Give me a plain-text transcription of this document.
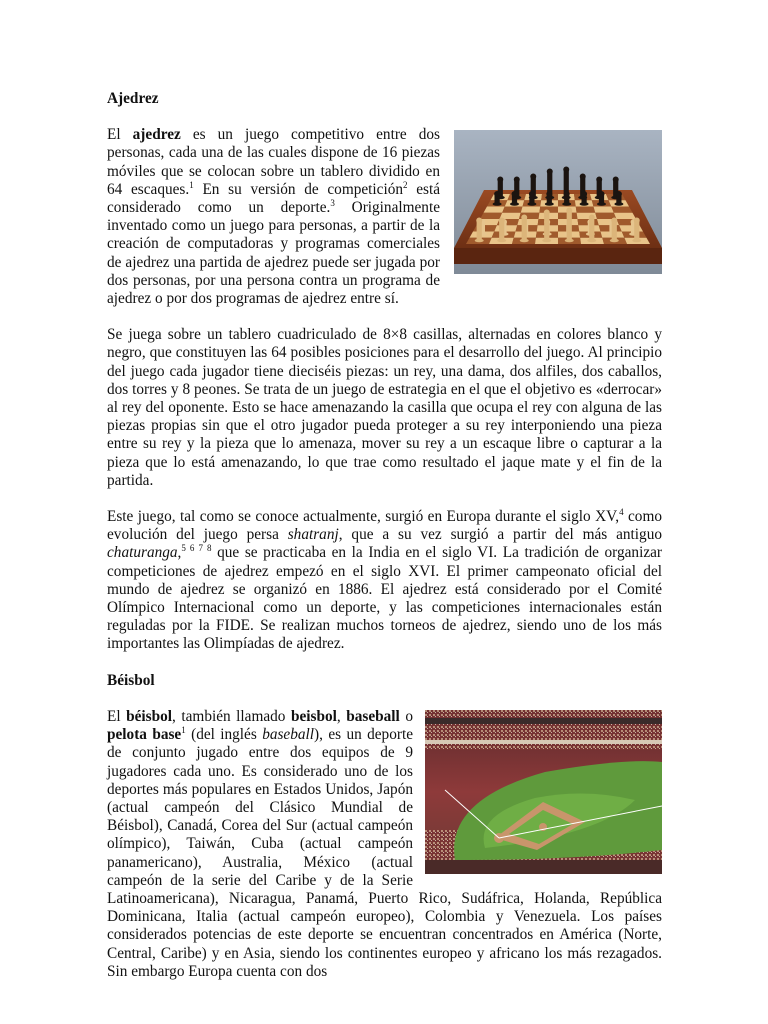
Ajedrez

El ajedrez es un juego competitivo entre dos personas, cada una de las cuales dispone de 16 piezas móviles que se colocan sobre un tablero dividido en 64 escaques.$^1$ En su versión de competición$^2$ está considerado como un deporte.$^3$ Originalmente inventado como un juego para personas, a partir de la creación de computadoras y programas comerciales de ajedrez una partida de ajedrez puede ser jugada por dos personas, por una persona contra un programa de ajedrez o por dos programas de ajedrez entre sí.

Se juega sobre un tablero cuadriculado de 8×8 casillas, alternadas en colores blanco y negro, que constituyen las 64 posibles posiciones para el desarrollo del juego. Al principio del juego cada jugador tiene dieciséis piezas: un rey, una dama, dos alfiles, dos caballos, dos torres y 8 peones. Se trata de un juego de estrategia en el que el objetivo es «derrocar» al rey del oponente. Esto se hace amenazando la casilla que ocupa el rey con alguna de las piezas propias sin que el otro jugador pueda proteger a su rey interponiendo una pieza entre su rey y la pieza que lo amenaza, mover su rey a un escaque libre o capturar a la pieza que lo está amenazando, lo que trae como resultado el jaque mate y el fin de la partida.

Este juego, tal como se conoce actualmente, surgió en Europa durante el siglo XV,$^4$ como evolución del juego persa shatranj, que a su vez surgió a partir del más antiguo chaturanga,$^{5 6 7 8}$ que se practicaba en la India en el siglo VI. La tradición de organizar competiciones de ajedrez empezó en el siglo XVI. El primer campeonato oficial del mundo de ajedrez se organizó en 1886. El ajedrez está considerado por el Comité Olímpico Internacional como un deporte, y las competiciones internacionales están reguladas por la FIDE. Se realizan muchos torneos de ajedrez, siendo uno de los más importantes las Olimpíadas de ajedrez.

Béisbol

El béisbol, también llamado beisbol, baseball o pelota base$^1$ (del inglés baseball), es un deporte de conjunto jugado entre dos equipos de 9 jugadores cada uno. Es considerado uno de los deportes más populares en Estados Unidos, Japón (actual campeón del Clásico Mundial de Béisbol), Canadá, Corea del Sur (actual campeón olímpico), Taiwán, Cuba (actual campeón panamericano), Australia, México (actual campeón de la serie del Caribe y de la Serie Latinoamericana), Nicaragua, Panamá, Puerto Rico, Sudáfrica, Holanda, República Dominicana, Italia (actual campeón europeo), Colombia y Venezuela. Los países considerados potencias de este deporte se encuentran concentrados en América (Norte, Central, Caribe) y en Asia, siendo los continentes europeo y africano los más rezagados. Sin embargo Europa cuenta con dos
